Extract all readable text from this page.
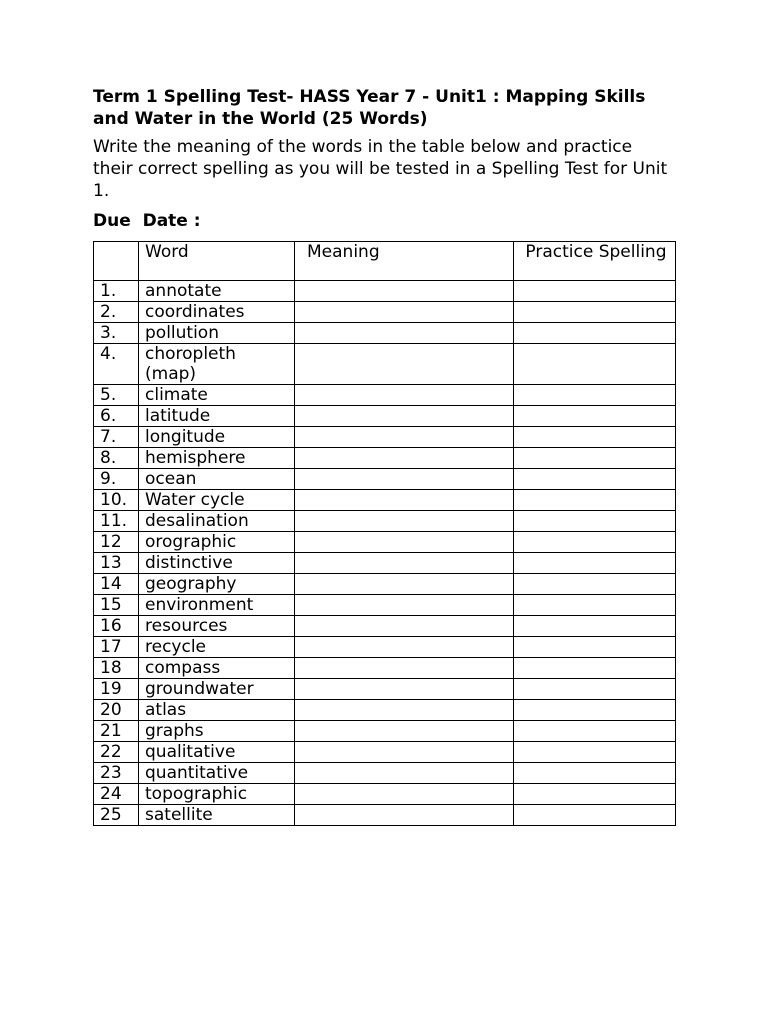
Term 1 Spelling Test- HASS Year 7 - Unit1 : Mapping Skills and Water in the World (25 Words)

Write the meaning of the words in the table below and practice their correct spelling as you will be tested in a Spelling Test for Unit 1.

Due  Date :

	Word	Meaning	Practice Spelling
1.	annotate		
2.	coordinates		
3.	pollution		
4.	choropleth (map)		
5.	climate		
6.	latitude		
7.	longitude		
8.	hemisphere		
9.	ocean		
10.	Water cycle		
11.	desalination		
12	orographic		
13	distinctive		
14	geography		
15	environment		
16	resources		
17	recycle		
18	compass		
19	groundwater		
20	atlas		
21	graphs		
22	qualitative		
23	quantitative		
24	topographic		
25	satellite		
